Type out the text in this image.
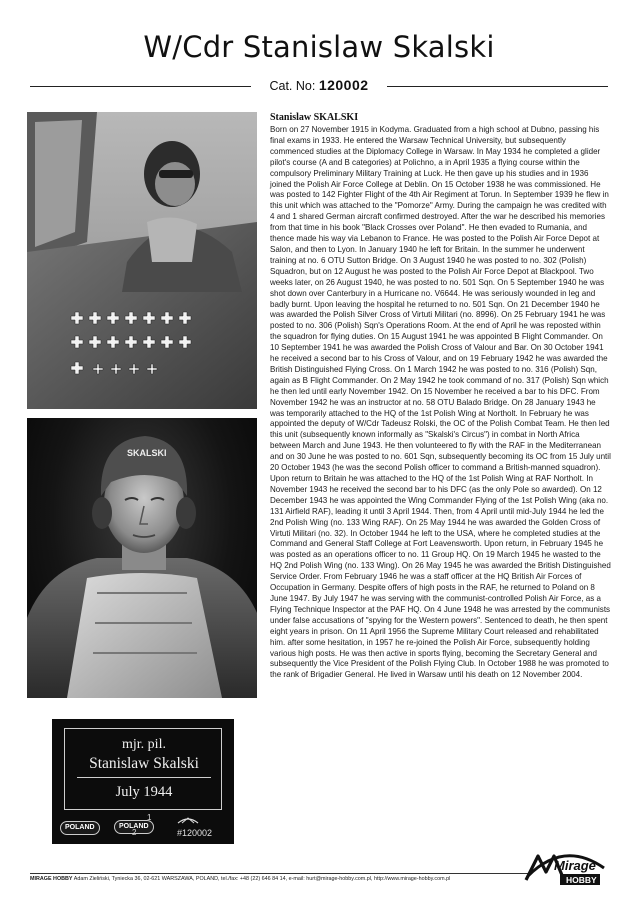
W/Cdr Stanislaw Skalski
Cat. No: 120002
SKALSKI
mjr. pil.
Stanislaw Skalski
July 1944
POLAND	POLAND
1
2	#120002
Stanislaw SKALSKI
Born on 27 November 1915 in Kodyma. Graduated from a high school at Dubno, passing his final exams in 1933. He entered the Warsaw Technical University, but subsequently commenced studies at the Diplomacy College in Warsaw. In May 1934 he completed a glider pilot's course (A and B categories) at Polichno, a in April 1935 a flying course within the compulsory Preliminary Military Training at Luck. He then gave up his studies and in 1936 joined the Polish Air Force College at Deblin. On 15 October 1938 he was commissioned. He was posted to 142 Fighter Flight of the 4th Air Regiment at Torun. In September 1939 he flew in this unit which was attached to the "Pomorze" Army. During the campaign he was credited with 4 and 1 shared German aircraft confirmed destroyed. After the war he described his memories from that time in his book "Black Crosses over Poland". He then evaded to Rumania, and thence made his way via Lebanon to France. He was posted to the Polish Air Force Depot at Salon, and then to Lyon. In January 1940 he left for Britain. In the summer he underwent training at no. 6 OTU Sutton Bridge. On 3 August 1940 he was posted to no. 302 (Polish) Squadron, but on 12 August he was posted to the Polish Air Force Depot at Blackpool. Two weeks later, on 26 August 1940, he was posted to no. 501 Sqn. On 5 September 1940 he was shot down over Canterbury in a Hurricane no. V6644. He was seriously wounded in leg and badly burnt. Upon leaving the hospital he returned to no. 501 Sqn. On 21 December 1940 he was awarded the Polish Silver Cross of Virtuti Militari (no. 8996). On 25 February 1941 he was posted to no. 306 (Polish) Sqn's Operations Room. At the end of April he was reposted within the squadron for flying duties. On 15 August 1941 he was appointed B Flight Commander. On 10 September 1941 he was awarded the Polish Cross of Valour and Bar. On 30 October 1941 he received a second bar to his Cross of Valour, and on 19 February 1942 he was awarded the British Distinguished Flying Cross. On 1 March 1942 he was posted to no. 316 (Polish) Sqn, again as B Flight Commander. On 2 May 1942 he took command of no. 317 (Polish) Sqn which he then led until early November 1942. On 15 November he received a bar to his DFC. From November 1942 he was an instructor at no. 58 OTU Balado Bridge. On 28 January 1943 he was temporarily attached to the HQ of the 1st Polish Wing at Northolt. In February he was appointed the deputy of W/Cdr Tadeusz Rolski, the OC of the Polish Combat Team. He then led this unit (subsequently known informally as "Skalski's Circus") in combat in North Africa between March and June 1943. He then volunteered to fly with the RAF in the Mediterranean and on 30 June he was posted to no. 601 Sqn, subsequently becoming its OC from 15 July until 20 October 1943 (he was the second Polish officer to command a British-manned squadron). Upon return to Britain he was attached to the HQ of the 1st Polish Wing at RAF Northolt. In November 1943 he received the second bar to his DFC (as the only Pole so awarded). On 12 December 1943 he was appointed the Wing Commander Flying of the 1st Polish Wing (aka no. 131 Airfield RAF), leading it until 3 April 1944. Then, from 4 April until mid-July 1944 he led the 2nd Polish Wing (no. 133 Wing RAF). On 25 May 1944 he was awarded the Golden Cross of Virtuti Militari (no. 32). In October 1944 he left to the USA, where he completed studies at the Command and General Staff College at Fort Leavensworth. Upon return, in February 1945 he was posted as an operations officer to no. 11 Group HQ. On 19 March 1945 he wasted to the HQ 2nd Polish Wing (no. 133 Wing). On 26 May 1945 he was awarded the British Distinguished Service Order. From February 1946 he was a staff officer at the HQ British Air Forces of Occupation in Germany. Despite offers of high posts in the RAF, he returned to Poland on 8 June 1947. By July 1947 he was serving with the communist-controlled Polish Air Force, as a Flying Technique Inspector at the PAF HQ. On 4 June 1948 he was arrested by the communists under false accusations of "spying for the Western powers". Sentenced to death, he then spent eight years in prison. On 11 April 1956 the Supreme Military Court released and rehabilitated him. after some hesitation, in 1957 he re-joined the Polish Air Force, subsequently holding various high posts. He was then active in sports flying, becoming the Secretary General and subsequently the Vice President of the Polish Flying Club. In October 1988 he was promoted to the rank of Brigadier General. He lived in Warsaw until his death on 12 November 2004.
MIRAGE HOBBY Adam Zieliński, Tyniecka 36, 02-621 WARSZAWA, POLAND, tel./fax: +48 (22) 646 84 14, e-mail: hurt@mirage-hobby.com.pl, http://www.mirage-hobby.com.pl
Mirage
HOBBY
